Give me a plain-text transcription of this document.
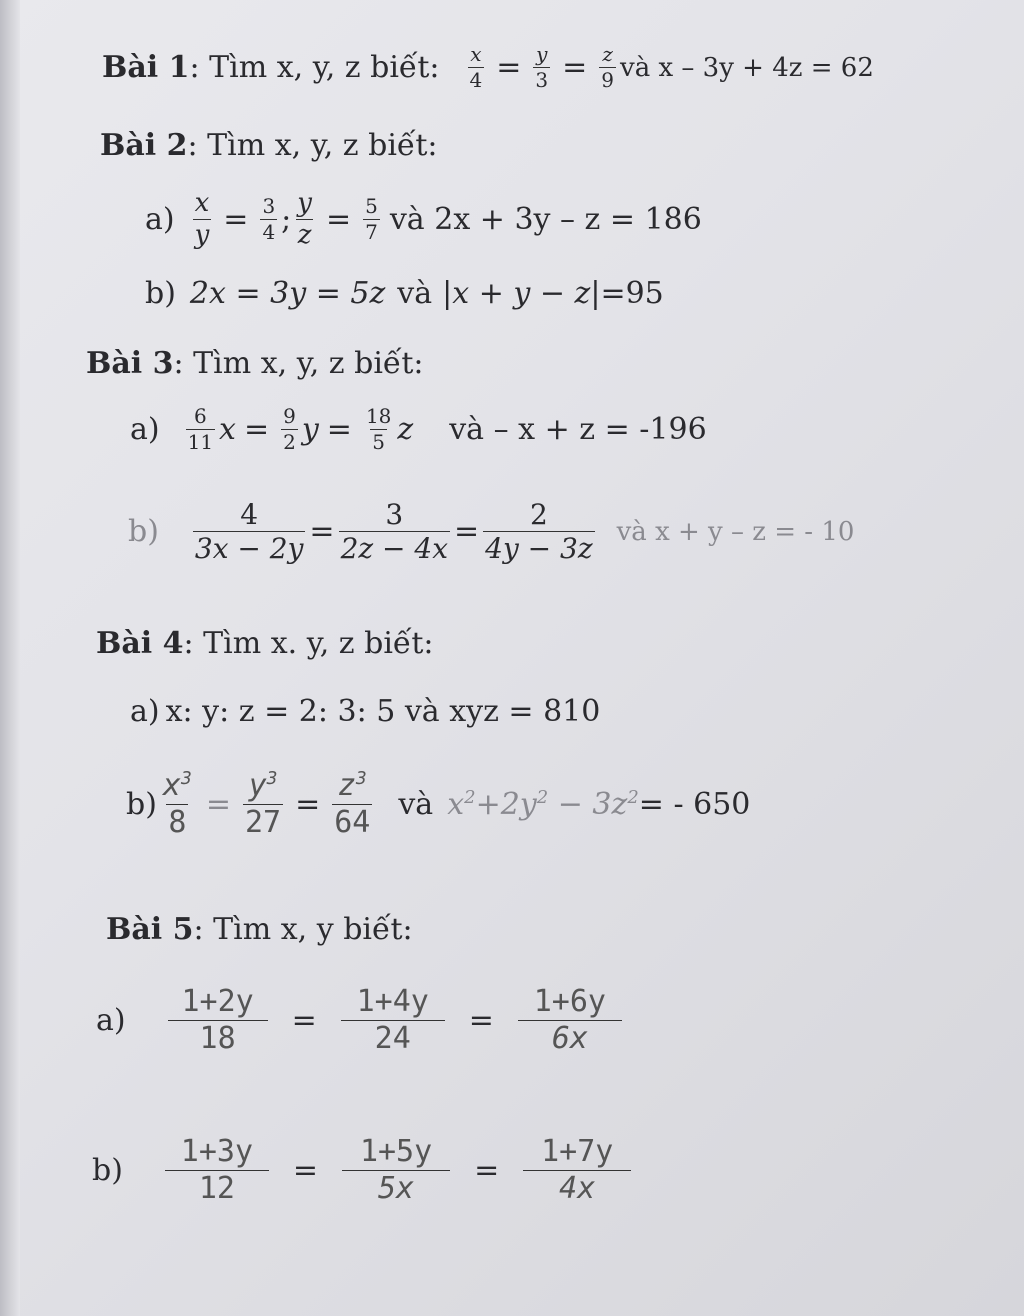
Bài 1: Tìm x, y, z biết: $\frac{x}{4} = \frac{y}{3} = \frac{z}{9}$ và x – 3y + 4z = 62
Bài 2 : Tìm x, y, z biết:
$a) \frac{x}{y} = \frac{3}{4}$ ; $\frac{y}{z} = \frac{5}{7}$ và 2x + 3y – z = 186
b) 2x = 3y = 5z và |x + y − z| =95
Bài 3 : Tìm x, y, z biết:
$a) \frac{6}{11}$ $x = \frac{9}{2}$ $y = \frac{18}{5}$ z và – x + z = -196
$b) \frac{4}{3x - 2y} = \frac{3}{2z - 4x} = \frac{2}{4y - 3z}$ và x + y – z = - 10
Bài 4 : Tìm x. y, z biết:
a) x: y: z = 2: 3: 5 và xyz = 810
$b) \frac{x^3}{8} = \frac{y^3}{27} = \frac{z^3}{64}$ và $x^2+2y^2 - 3z^2$ = - 650
Bài 5 : Tìm x, y biết:
$a) \frac{1+2y}{18} = \frac{1+4y}{24} = \frac{1+6y}{6x}$
$b) \frac{1+3y}{12} = \frac{1+5y}{5x} = \frac{1+7y}{4x}$
